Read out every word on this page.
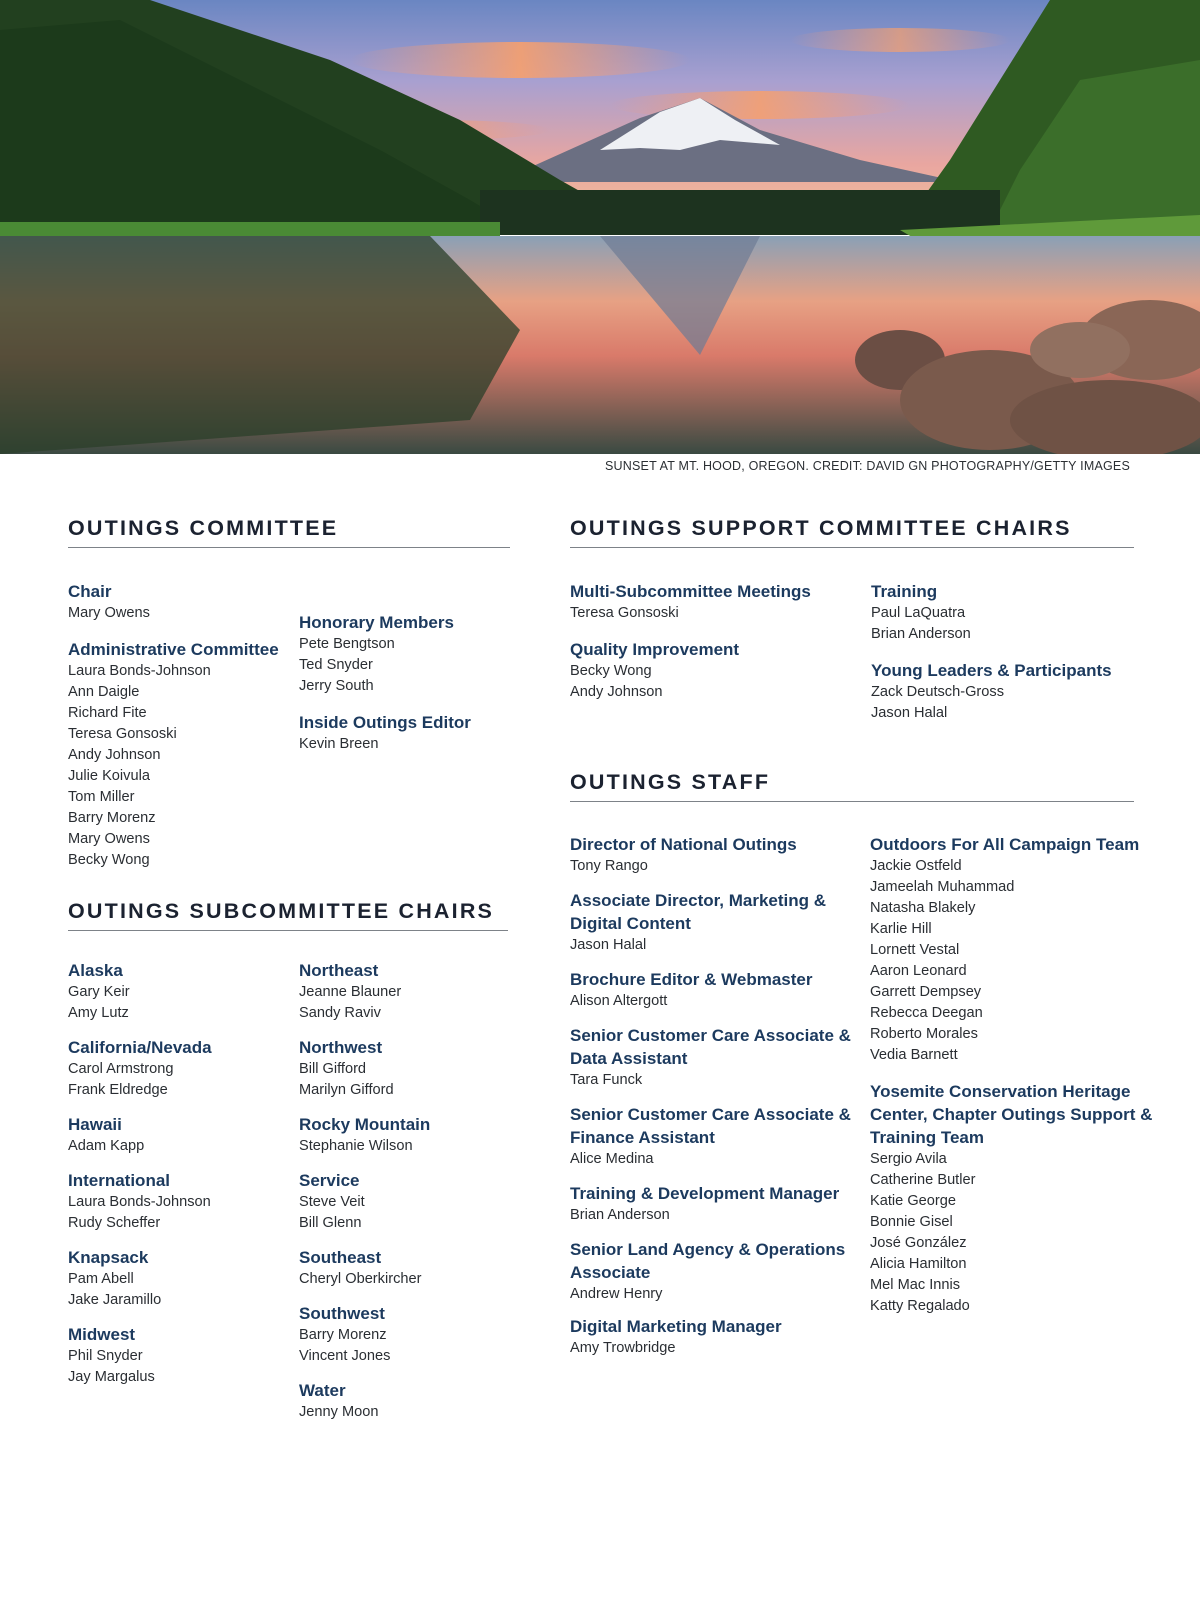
SUNSET AT MT. HOOD, OREGON. CREDIT: DAVID GN PHOTOGRAPHY/GETTY IMAGES
OUTINGS COMMITTEE
Chair
Mary Owens
Administrative Committee
Laura Bonds-Johnson
Ann Daigle
Richard Fite
Teresa Gonsoski
Andy Johnson
Julie Koivula
Tom Miller
Barry Morenz
Mary Owens
Becky Wong
Honorary Members
Pete Bengtson
Ted Snyder
Jerry South
Inside Outings Editor
Kevin Breen
OUTINGS SUBCOMMITTEE CHAIRS
Alaska
Gary Keir
Amy Lutz
California/Nevada
Carol Armstrong
Frank Eldredge
Hawaii
Adam Kapp
International
Laura Bonds-Johnson
Rudy Scheffer
Knapsack
Pam Abell
Jake Jaramillo
Midwest
Phil Snyder
Jay Margalus
Northeast
Jeanne Blauner
Sandy Raviv
Northwest
Bill Gifford
Marilyn Gifford
Rocky Mountain
Stephanie Wilson
Service
Steve Veit
Bill Glenn
Southeast
Cheryl Oberkircher
Southwest
Barry Morenz
Vincent Jones
Water
Jenny Moon
OUTINGS SUPPORT COMMITTEE CHAIRS
Multi-Subcommittee Meetings
Teresa Gonsoski
Quality Improvement
Becky Wong
Andy Johnson
Training
Paul LaQuatra
Brian Anderson
Young Leaders & Participants
Zack Deutsch-Gross
Jason Halal
OUTINGS STAFF
Director of National Outings
Tony Rango
Associate Director, Marketing & Digital Content
Jason Halal
Brochure Editor & Webmaster
Alison Altergott
Senior Customer Care Associate & Data Assistant
Tara Funck
Senior Customer Care Associate & Finance Assistant
Alice Medina
Training & Development Manager
Brian Anderson
Senior Land Agency & Operations Associate
Andrew Henry
Digital Marketing Manager
Amy Trowbridge
Outdoors For All Campaign Team
Jackie Ostfeld
Jameelah Muhammad
Natasha Blakely
Karlie Hill
Lornett Vestal
Aaron Leonard
Garrett Dempsey
Rebecca Deegan
Roberto Morales
Vedia Barnett
Yosemite Conservation Heritage Center, Chapter Outings Support & Training Team
Sergio Avila
Catherine Butler
Katie George
Bonnie Gisel
José González
Alicia Hamilton
Mel Mac Innis
Katty Regalado
